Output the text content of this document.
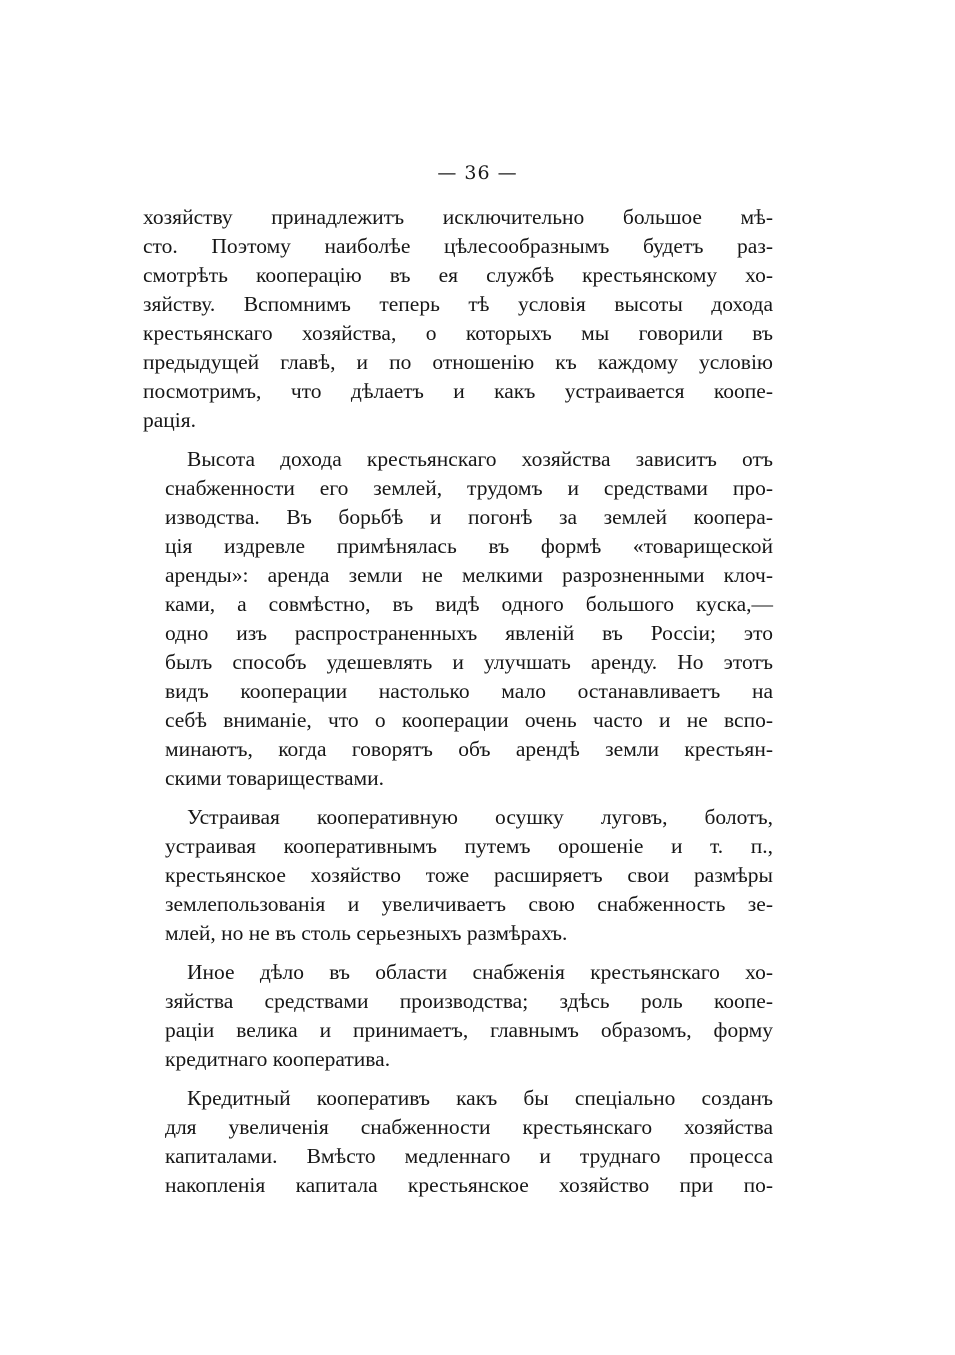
— 36 —
хозяйству принадлежитъ исключительно большое мѣ-
сто. Поэтому наиболѣе цѣлесообразнымъ будетъ раз-
смотрѣть кооперацію въ ея службѣ крестьянскому хо-
зяйству. Вспомнимъ теперь тѣ условія высоты дохода
крестьянскаго хозяйства, о которыхъ мы говорили въ
предыдущей главѣ, и по отношенію къ каждому условію
посмотримъ, что дѣлаетъ и какъ устраивается коопе-
рація.
Высота дохода крестьянскаго хозяйства зависитъ отъ
снабженности его землей, трудомъ и средствами про-
изводства. Въ борьбѣ и погонѣ за землей коопера-
ція издревле примѣнялась въ формѣ «товарищеской
аренды»: аренда земли не мелкими разрозненными клоч-
ками, а совмѣстно, въ видѣ одного большого куска,—
одно изъ распространенныхъ явленій въ Россіи; это
былъ способъ удешевлять и улучшать аренду. Но этотъ
видъ кооперации настолько мало останавливаетъ на
себѣ вниманіе, что о кооперации очень часто и не вспо-
минаютъ, когда говорятъ объ арендѣ земли крестьян-
скими товариществами.
Устраивая кооперативную осушку луговъ, болотъ,
устраивая кооперативнымъ путемъ орошеніе и т. п.,
крестьянское хозяйство тоже расширяетъ свои размѣры
землепользованія и увеличиваетъ свою снабженность зе-
млей, но не въ столь серьезныхъ размѣрахъ.
Иное дѣло въ области снабженія крестьянскаго хо-
зяйства средствами производства; здѣсь роль коопе-
раціи велика и принимаетъ, главнымъ образомъ, форму
кредитнаго кооператива.
Кредитный кооперативъ какъ бы спеціально созданъ
для увеличенія снабженности крестьянскаго хозяйства
капиталами. Вмѣсто медленнаго и труднаго процесса
накопленія капитала крестьянское хозяйство при по-
